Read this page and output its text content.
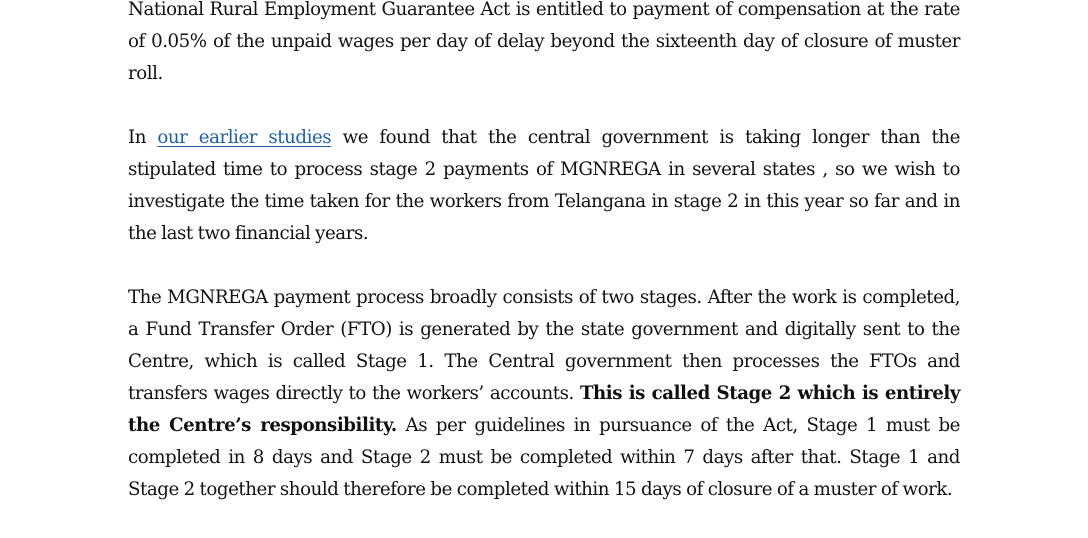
National Rural Employment Guarantee Act is entitled to payment of compensation at the rate of 0.05% of the unpaid wages per day of delay beyond the sixteenth day of closure of muster roll.

In our earlier studies we found that the central government is taking longer than the stipulated time to process stage 2 payments of MGNREGA in several states , so we wish to investigate the time taken for the workers from Telangana in stage 2 in this year so far and in the last two financial years.

The MGNREGA payment process broadly consists of two stages. After the work is completed, a Fund Transfer Order (FTO) is generated by the state government and digitally sent to the Centre, which is called Stage 1. The Central government then processes the FTOs and transfers wages directly to the workers’ accounts. This is called Stage 2 which is entirely the Centre’s responsibility. As per guidelines in pursuance of the Act, Stage 1 must be completed in 8 days and Stage 2 must be completed within 7 days after that. Stage 1 and Stage 2 together should therefore be completed within 15 days of closure of a muster of work.
